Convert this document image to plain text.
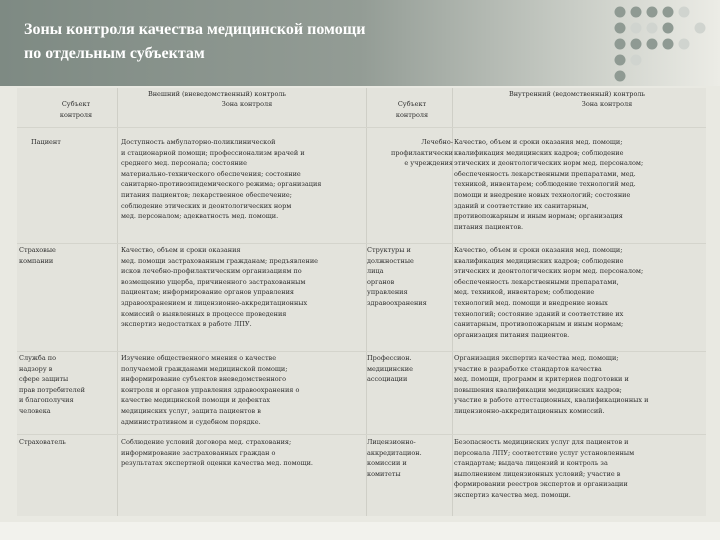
Зоны контроля качества медицинской помощи
по отдельным субъектам
Внешний (вневедомственный) контроль
Субъект
контроля
Зона контроля
Внутренний (ведомственный) контроль
Субъект
контроля
Зона контроля
Пациент	Доступность амбулаторно-поликлинической
и стационарной помощи; профессионализм врачей и
среднего мед. персонала; состояние
материально-технического обеспечения; состояние
санитарно-противоэпидемического режима; организация
питания пациентов; лекарственное обеспечение;
соблюдение этических и деонтологических норм
мед. персоналом; адекватность мед. помощи.
Лечебно-
профилактически
е учреждения
Качество, объем и сроки оказания мед. помощи;
квалификация медицинских кадров; соблюдение
этических и деонтологических норм мед. персоналом;
обеспеченность лекарственными препаратами, мед.
техникой, инвентарем; соблюдение технологий мед.
помощи и внедрение новых технологий; состояние
зданий и соответствие их санитарным,
противопожарным и иным нормам; организация
питания пациентов.
Страховые
компании
Качество, объем и сроки оказания
мед. помощи застрахованным гражданам; предъявление
исков лечебно-профилактическим организациям по
возмещению ущерба, причиненного застрахованным
пациентам; информирование органов управления
здравоохранением и лицензионно-аккредитационных
комиссий о выявленных в процессе проведения
экспертиз недостатках в работе ЛПУ.
Структуры и
должностные
лица
органов
управления
здравоохранения
Качество, объем и сроки оказания мед. помощи;
квалификация медицинских кадров; соблюдение
этических и деонтологических норм мед. персоналом;
обеспеченность лекарственными препаратами,
мед. техникой, инвентарем; соблюдение
технологий мед. помощи и внедрение новых
технологий; состояние зданий и соответствие их
санитарным, противопожарным и иным нормам;
организация питания пациентов.
Служба по
надзору в
сфере защиты
прав потребителей
и благополучия
человека
Изучение общественного мнения о качестве
получаемой гражданами медицинской помощи;
информирование субъектов вневедомственного
контроля и органов управления здравоохранения о
качестве медицинской помощи и дефектах
медицинских услуг, защита пациентов в
административном и судебном порядке.
Профессион.
медицинские
ассоциации
Организация экспертиз качества мед. помощи;
участие в разработке стандартов качества
мед. помощи, программ и критериев подготовки и
повышения квалификации медицинских кадров;
участие в работе аттестационных, квалификационных и
лицензионно-аккредитационных комиссий.
Страхователь	Соблюдение условий договора мед. страхования;
информирование застрахованных граждан о
результатах экспертной оценки качества мед. помощи.
Лицензионно-
аккредитацион.
комиссии и
комитеты
Безопасность медицинских услуг для пациентов и
персонала ЛПУ; соответствие услуг установленным
стандартам; выдача лицензий и контроль за
выполнением лицензионных условий; участие в
формировании реестров экспертов и организации
экспертиз качества мед. помощи.
